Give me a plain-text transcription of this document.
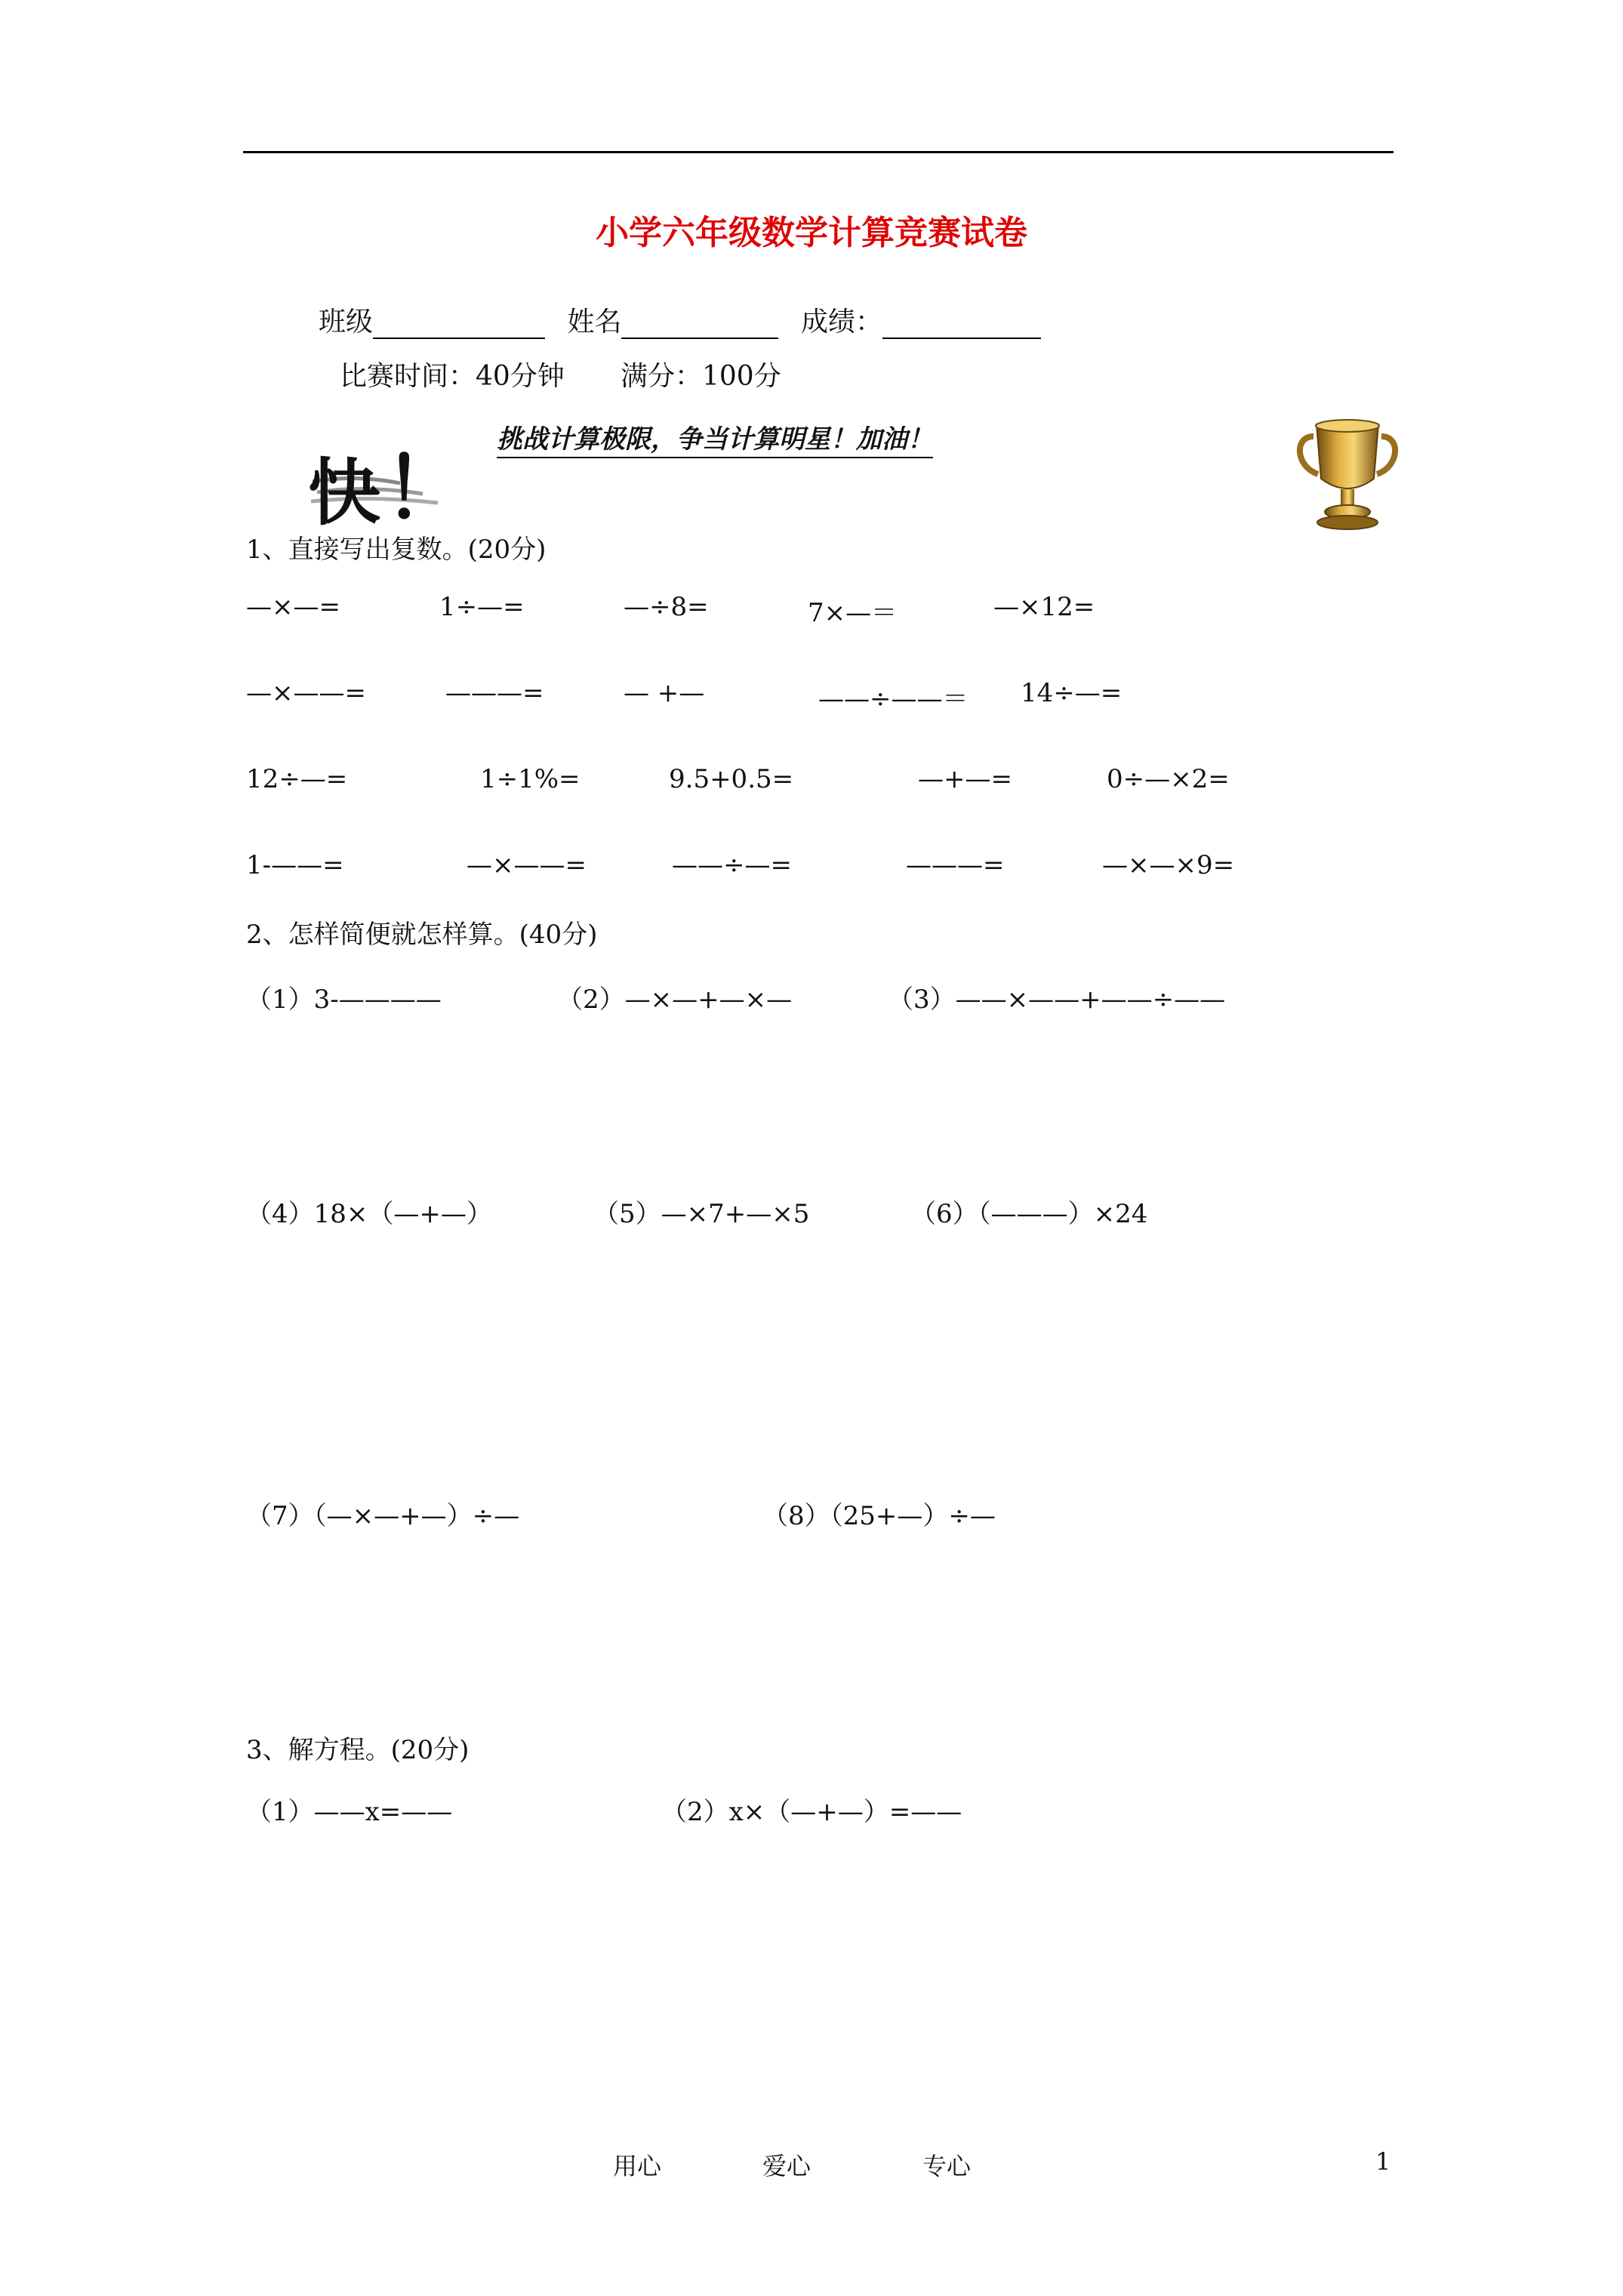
小学六年级数学计算竞赛试卷
班级	姓名	成绩：
比赛时间：40分钟 满分：100分
快！
挑战计算极限，争当计算明星！加油！
1、直接写出复数。(20分)
—×—=	1÷—=	—÷8=	7×—＝	—×12=
—×——=	———=	— +—	——÷——＝ 14÷—=
12÷—=	1÷1%=	9.5+0.5=	—+—=	0÷—×2=
1-——=	—×——=	——÷—=	———=	—×—×9=
2、怎样简便就怎样算。(40分)
（1）3-————	（2）—×—+—×—	（3）——×——+——÷——
（4）18×（—+—）	（5）—×7+—×5	（6）（———）×24
（7）（—×—+—）÷—	（8）（25+—）÷—
3、解方程。(20分)
（1）——x=——	（2）x×（—+—）=——
用心	爱心	专心	1
